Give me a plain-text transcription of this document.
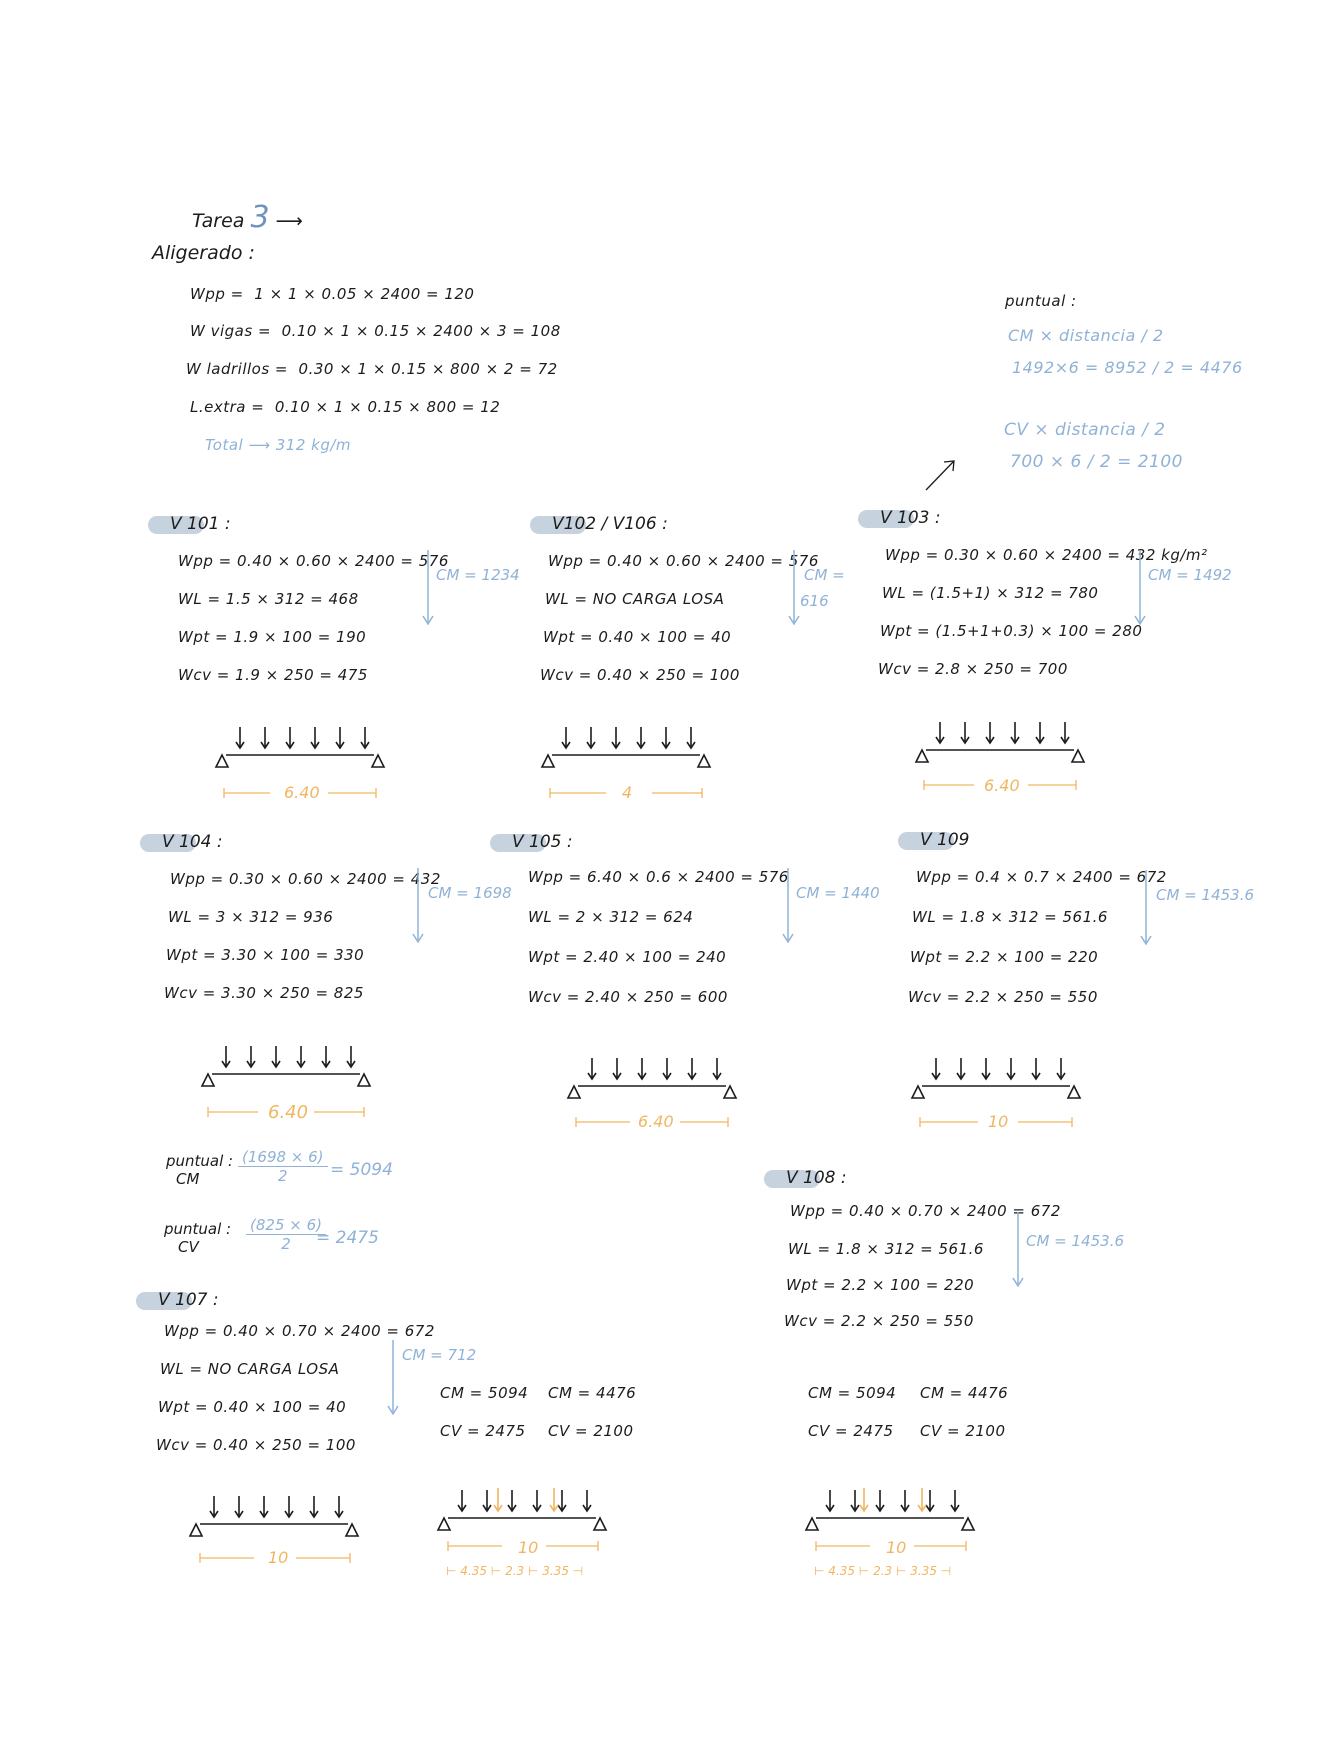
Tarea 3 ⟶
Aligerado :
Wpp = 1 × 1 × 0.05 × 2400 = 120
W vigas = 0.10 × 1 × 0.15 × 2400 × 3 = 108
W ladrillos = 0.30 × 1 × 0.15 × 800 × 2 = 72
L.extra = 0.10 × 1 × 0.15 × 800 = 12
Total ⟶ 312 kg/m
puntual :
CM × distancia / 2
1492×6 = 8952 / 2 = 4476
CV × distancia / 2
700 × 6 / 2 = 2100
V 101 :
Wpp = 0.40 × 0.60 × 2400 = 576
WL = 1.5 × 312 = 468
Wpt = 1.9 × 100 = 190
Wcv = 1.9 × 250 = 475
CM = 1234
6.40
V102 / V106 :
Wpp = 0.40 × 0.60 × 2400 = 576
WL = NO CARGA LOSA
Wpt = 0.40 × 100 = 40
Wcv = 0.40 × 250 = 100
CM =
616
4
V 103 :
Wpp = 0.30 × 0.60 × 2400 = 432 kg/m²
WL = (1.5+1) × 312 = 780
Wpt = (1.5+1+0.3) × 100 = 280
Wcv = 2.8 × 250 = 700
CM = 1492
6.40
V 104 :
Wpp = 0.30 × 0.60 × 2400 = 432
WL = 3 × 312 = 936
Wpt = 3.30 × 100 = 330
Wcv = 3.30 × 250 = 825
CM = 1698
6.40
puntual :
CM
(1698 × 6)
2	= 5094
puntual :
CV
(825 × 6)
2	= 2475
V 105 :
Wpp = 6.40 × 0.6 × 2400 = 576
WL = 2 × 312 = 624
Wpt = 2.40 × 100 = 240
Wcv = 2.40 × 250 = 600
CM = 1440
6.40
V 109
Wpp = 0.4 × 0.7 × 2400 = 672
WL = 1.8 × 312 = 561.6
Wpt = 2.2 × 100 = 220
Wcv = 2.2 × 250 = 550
CM = 1453.6
10
V 108 :
Wpp = 0.40 × 0.70 × 2400 = 672
WL = 1.8 × 312 = 561.6
Wpt = 2.2 × 100 = 220
Wcv = 2.2 × 250 = 550
CM = 1453.6
V 107 :
Wpp = 0.40 × 0.70 × 2400 = 672
WL = NO CARGA LOSA
Wpt = 0.40 × 100 = 40
Wcv = 0.40 × 250 = 100
CM = 712
10
CM = 5094 CM = 4476
CV = 2475 CV = 2100
10
⊢ 4.35 ⊢ 2.3 ⊢ 3.35 ⊣
CM = 5094 CM = 4476
CV = 2475 CV = 2100
10
⊢ 4.35 ⊢ 2.3 ⊢ 3.35 ⊣
